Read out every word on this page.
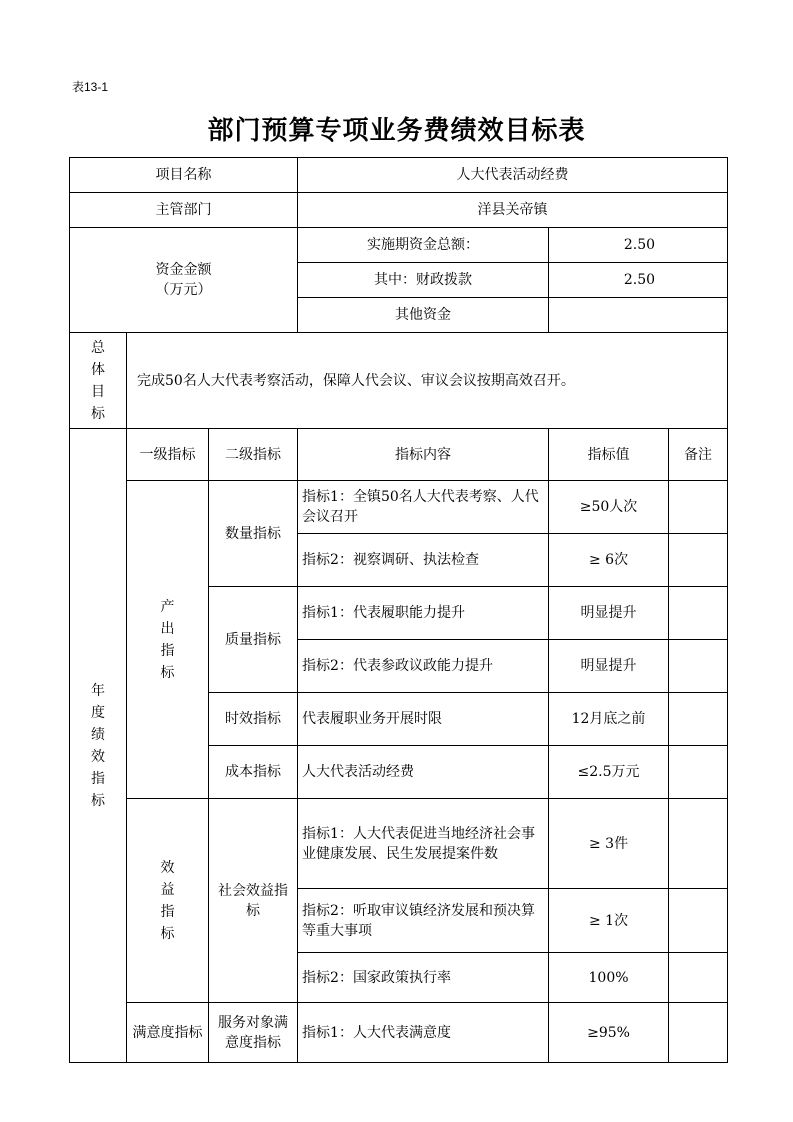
表13-1
部门预算专项业务费绩效目标表
项目名称			人大代表活动经费		
主管部门			洋县关帝镇		

资金金额
（万元）			实施期资金总额：	2.50	
			其中：财政拨款	2.50	
			其他资金		

总体目标	完成50名人大代表考察活动，保障人代会议、审议会议按期高效召开。				

年度绩效指标	一级指标	二级指标	指标内容	指标值	备注

	产出指标	数量指标	指标1：全镇50名人大代表考察、人代会议召开	≥50人次	
			指标2：视察调研、执法检查	≥ 6次	
		质量指标	指标1：代表履职能力提升	明显提升	
			指标2：代表参政议政能力提升	明显提升	
		时效指标	代表履职业务开展时限	12月底之前	
		成本指标	人大代表活动经费	≤2.5万元	

	效益指标	社会效益指标	指标1：人大代表促进当地经济社会事业健康发展、民生发展提案件数	≥ 3件	
			指标2：听取审议镇经济发展和预决算等重大事项	≥ 1次	
			指标2：国家政策执行率	100%	
	满意度指标	服务对象满意度指标	指标1：人大代表满意度	≥95%	
